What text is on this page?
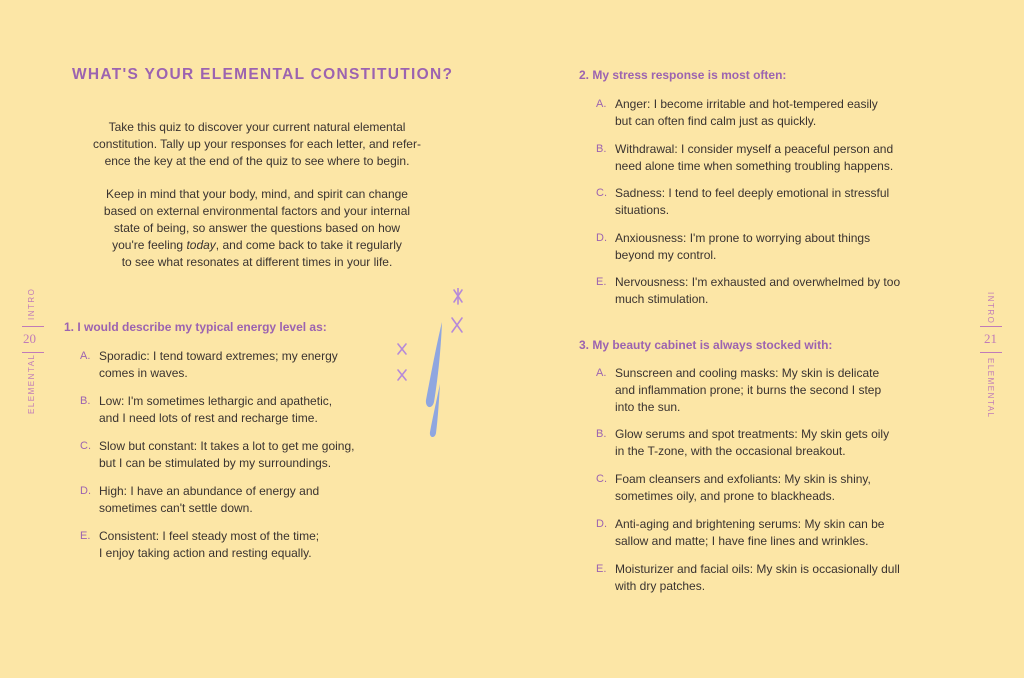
WHAT'S YOUR ELEMENTAL CONSTITUTION?

Take this quiz to discover your current natural elemental
constitution. Tally up your responses for each letter, and refer-
ence the key at the end of the quiz to see where to begin.

Keep in mind that your body, mind, and spirit can change
based on external environmental factors and your internal
state of being, so answer the questions based on how
you're feeling today, and come back to take it regularly
to see what resonates at different times in your life.

INTRO
20
ELEMENTAL

1. I would describe my typical energy level as:

A. Sporadic: I tend toward extremes; my energy
comes in waves.
B. Low: I'm sometimes lethargic and apathetic,
and I need lots of rest and recharge time.
C. Slow but constant: It takes a lot to get me going,
but I can be stimulated by my surroundings.
D. High: I have an abundance of energy and
sometimes can't settle down.
E. Consistent: I feel steady most of the time;
I enjoy taking action and resting equally.

2. My stress response is most often:

A. Anger: I become irritable and hot-tempered easily
but can often find calm just as quickly.
B. Withdrawal: I consider myself a peaceful person and
need alone time when something troubling happens.
C. Sadness: I tend to feel deeply emotional in stressful
situations.
D. Anxiousness: I'm prone to worrying about things
beyond my control.
E. Nervousness: I'm exhausted and overwhelmed by too
much stimulation.

3. My beauty cabinet is always stocked with:

A. Sunscreen and cooling masks: My skin is delicate
and inflammation prone; it burns the second I step
into the sun.
B. Glow serums and spot treatments: My skin gets oily
in the T-zone, with the occasional breakout.
C. Foam cleansers and exfoliants: My skin is shiny,
sometimes oily, and prone to blackheads.
D. Anti-aging and brightening serums: My skin can be
sallow and matte; I have fine lines and wrinkles.
E. Moisturizer and facial oils: My skin is occasionally dull
with dry patches.
INTRO
21
ELEMENTAL
